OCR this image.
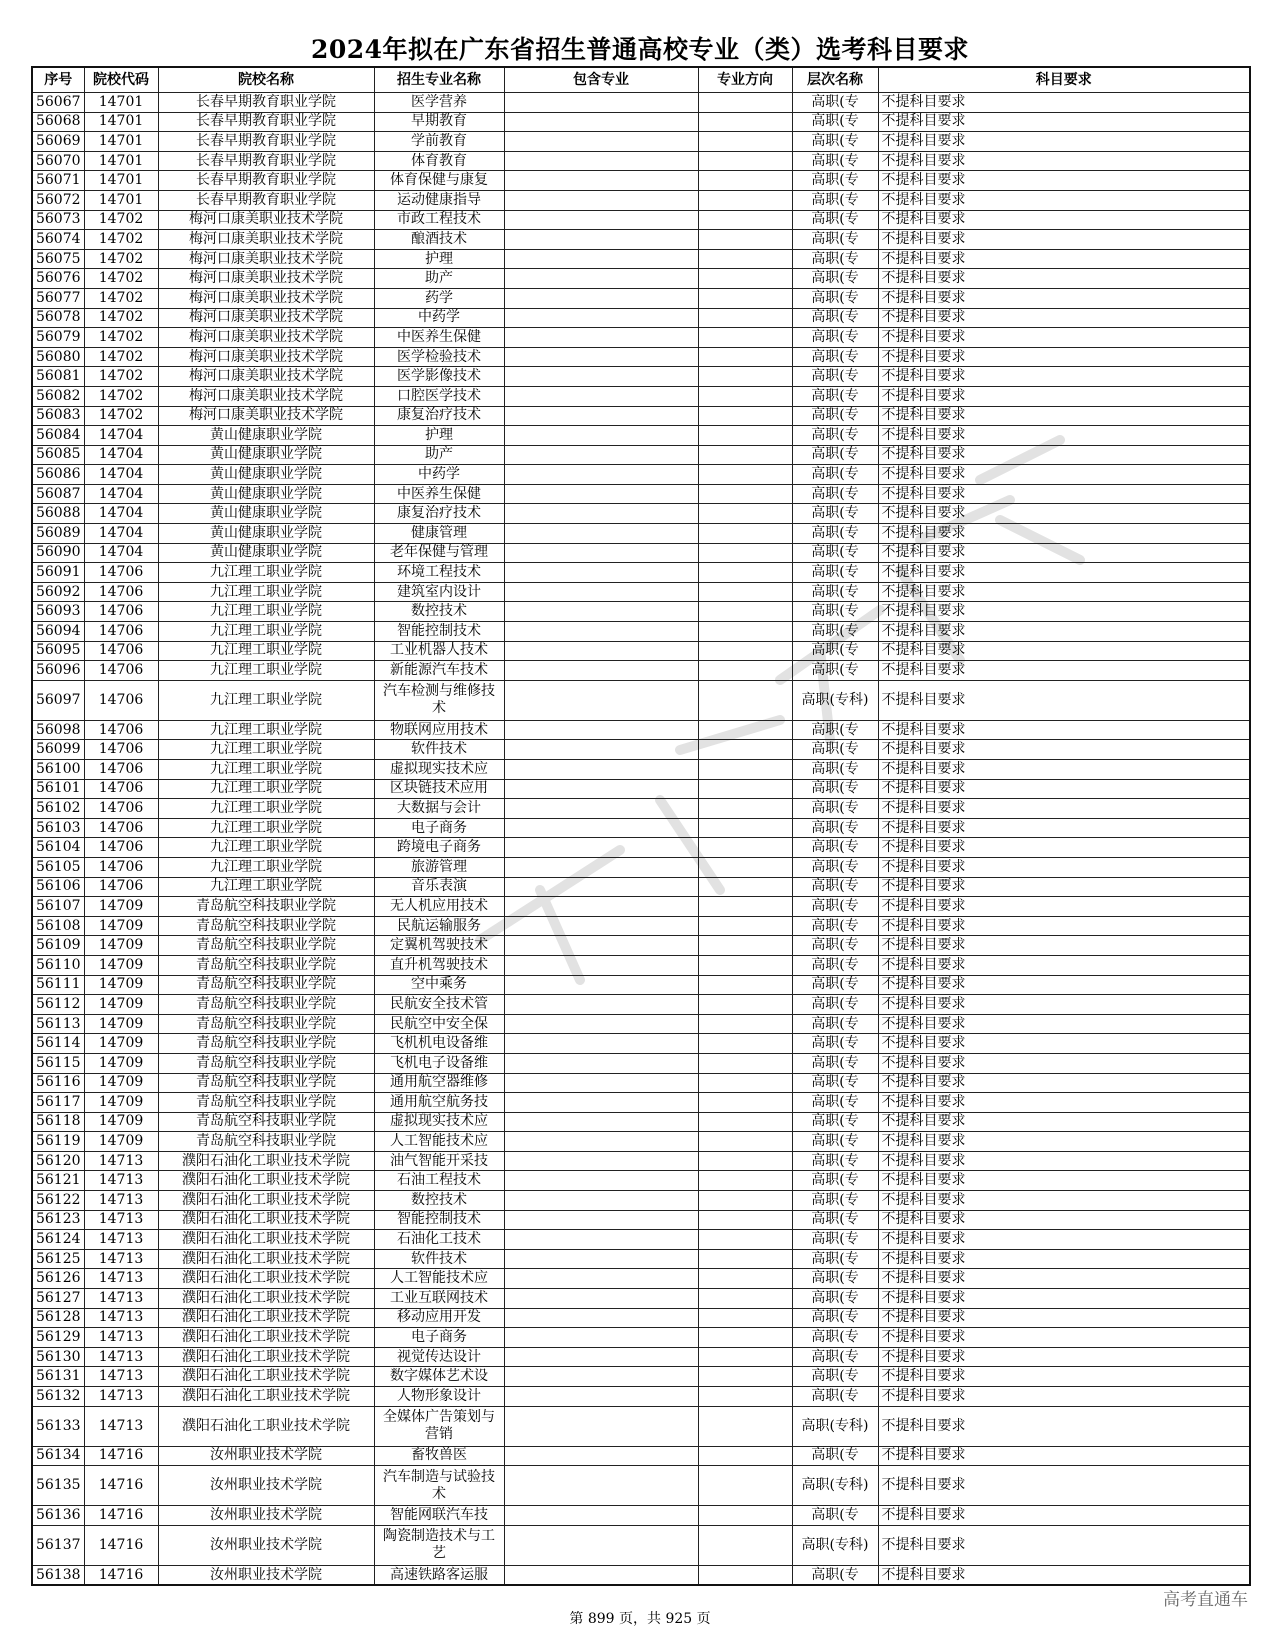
2024年拟在广东省招生普通高校专业（类）选考科目要求
序号	院校代码	院校名称	招生专业名称	包含专业	专业方向	层次名称	科目要求
56067	14701	长春早期教育职业学院	医学营养			高职(专	不提科目要求
56068	14701	长春早期教育职业学院	早期教育			高职(专	不提科目要求
56069	14701	长春早期教育职业学院	学前教育			高职(专	不提科目要求
56070	14701	长春早期教育职业学院	体育教育			高职(专	不提科目要求
56071	14701	长春早期教育职业学院	体育保健与康复			高职(专	不提科目要求
56072	14701	长春早期教育职业学院	运动健康指导			高职(专	不提科目要求
56073	14702	梅河口康美职业技术学院	市政工程技术			高职(专	不提科目要求
56074	14702	梅河口康美职业技术学院	酿酒技术			高职(专	不提科目要求
56075	14702	梅河口康美职业技术学院	护理			高职(专	不提科目要求
56076	14702	梅河口康美职业技术学院	助产			高职(专	不提科目要求
56077	14702	梅河口康美职业技术学院	药学			高职(专	不提科目要求
56078	14702	梅河口康美职业技术学院	中药学			高职(专	不提科目要求
56079	14702	梅河口康美职业技术学院	中医养生保健			高职(专	不提科目要求
56080	14702	梅河口康美职业技术学院	医学检验技术			高职(专	不提科目要求
56081	14702	梅河口康美职业技术学院	医学影像技术			高职(专	不提科目要求
56082	14702	梅河口康美职业技术学院	口腔医学技术			高职(专	不提科目要求
56083	14702	梅河口康美职业技术学院	康复治疗技术			高职(专	不提科目要求
56084	14704	黄山健康职业学院	护理			高职(专	不提科目要求
56085	14704	黄山健康职业学院	助产			高职(专	不提科目要求
56086	14704	黄山健康职业学院	中药学			高职(专	不提科目要求
56087	14704	黄山健康职业学院	中医养生保健			高职(专	不提科目要求
56088	14704	黄山健康职业学院	康复治疗技术			高职(专	不提科目要求
56089	14704	黄山健康职业学院	健康管理			高职(专	不提科目要求
56090	14704	黄山健康职业学院	老年保健与管理			高职(专	不提科目要求
56091	14706	九江理工职业学院	环境工程技术			高职(专	不提科目要求
56092	14706	九江理工职业学院	建筑室内设计			高职(专	不提科目要求
56093	14706	九江理工职业学院	数控技术			高职(专	不提科目要求
56094	14706	九江理工职业学院	智能控制技术			高职(专	不提科目要求
56095	14706	九江理工职业学院	工业机器人技术			高职(专	不提科目要求
56096	14706	九江理工职业学院	新能源汽车技术			高职(专	不提科目要求
56097	14706	九江理工职业学院	汽车检测与维修技术			高职(专科)	不提科目要求
56098	14706	九江理工职业学院	物联网应用技术			高职(专	不提科目要求
56099	14706	九江理工职业学院	软件技术			高职(专	不提科目要求
56100	14706	九江理工职业学院	虚拟现实技术应			高职(专	不提科目要求
56101	14706	九江理工职业学院	区块链技术应用			高职(专	不提科目要求
56102	14706	九江理工职业学院	大数据与会计			高职(专	不提科目要求
56103	14706	九江理工职业学院	电子商务			高职(专	不提科目要求
56104	14706	九江理工职业学院	跨境电子商务			高职(专	不提科目要求
56105	14706	九江理工职业学院	旅游管理			高职(专	不提科目要求
56106	14706	九江理工职业学院	音乐表演			高职(专	不提科目要求
56107	14709	青岛航空科技职业学院	无人机应用技术			高职(专	不提科目要求
56108	14709	青岛航空科技职业学院	民航运输服务			高职(专	不提科目要求
56109	14709	青岛航空科技职业学院	定翼机驾驶技术			高职(专	不提科目要求
56110	14709	青岛航空科技职业学院	直升机驾驶技术			高职(专	不提科目要求
56111	14709	青岛航空科技职业学院	空中乘务			高职(专	不提科目要求
56112	14709	青岛航空科技职业学院	民航安全技术管			高职(专	不提科目要求
56113	14709	青岛航空科技职业学院	民航空中安全保			高职(专	不提科目要求
56114	14709	青岛航空科技职业学院	飞机机电设备维			高职(专	不提科目要求
56115	14709	青岛航空科技职业学院	飞机电子设备维			高职(专	不提科目要求
56116	14709	青岛航空科技职业学院	通用航空器维修			高职(专	不提科目要求
56117	14709	青岛航空科技职业学院	通用航空航务技			高职(专	不提科目要求
56118	14709	青岛航空科技职业学院	虚拟现实技术应			高职(专	不提科目要求
56119	14709	青岛航空科技职业学院	人工智能技术应			高职(专	不提科目要求
56120	14713	濮阳石油化工职业技术学院	油气智能开采技			高职(专	不提科目要求
56121	14713	濮阳石油化工职业技术学院	石油工程技术			高职(专	不提科目要求
56122	14713	濮阳石油化工职业技术学院	数控技术			高职(专	不提科目要求
56123	14713	濮阳石油化工职业技术学院	智能控制技术			高职(专	不提科目要求
56124	14713	濮阳石油化工职业技术学院	石油化工技术			高职(专	不提科目要求
56125	14713	濮阳石油化工职业技术学院	软件技术			高职(专	不提科目要求
56126	14713	濮阳石油化工职业技术学院	人工智能技术应			高职(专	不提科目要求
56127	14713	濮阳石油化工职业技术学院	工业互联网技术			高职(专	不提科目要求
56128	14713	濮阳石油化工职业技术学院	移动应用开发			高职(专	不提科目要求
56129	14713	濮阳石油化工职业技术学院	电子商务			高职(专	不提科目要求
56130	14713	濮阳石油化工职业技术学院	视觉传达设计			高职(专	不提科目要求
56131	14713	濮阳石油化工职业技术学院	数字媒体艺术设			高职(专	不提科目要求
56132	14713	濮阳石油化工职业技术学院	人物形象设计			高职(专	不提科目要求
56133	14713	濮阳石油化工职业技术学院	全媒体广告策划与营销			高职(专科)	不提科目要求
56134	14716	汝州职业技术学院	畜牧兽医			高职(专	不提科目要求
56135	14716	汝州职业技术学院	汽车制造与试验技术			高职(专科)	不提科目要求
56136	14716	汝州职业技术学院	智能网联汽车技			高职(专	不提科目要求
56137	14716	汝州职业技术学院	陶瓷制造技术与工艺			高职(专科)	不提科目要求
56138	14716	汝州职业技术学院	高速铁路客运服			高职(专	不提科目要求
第 899 页，共 925 页
高考直通车
